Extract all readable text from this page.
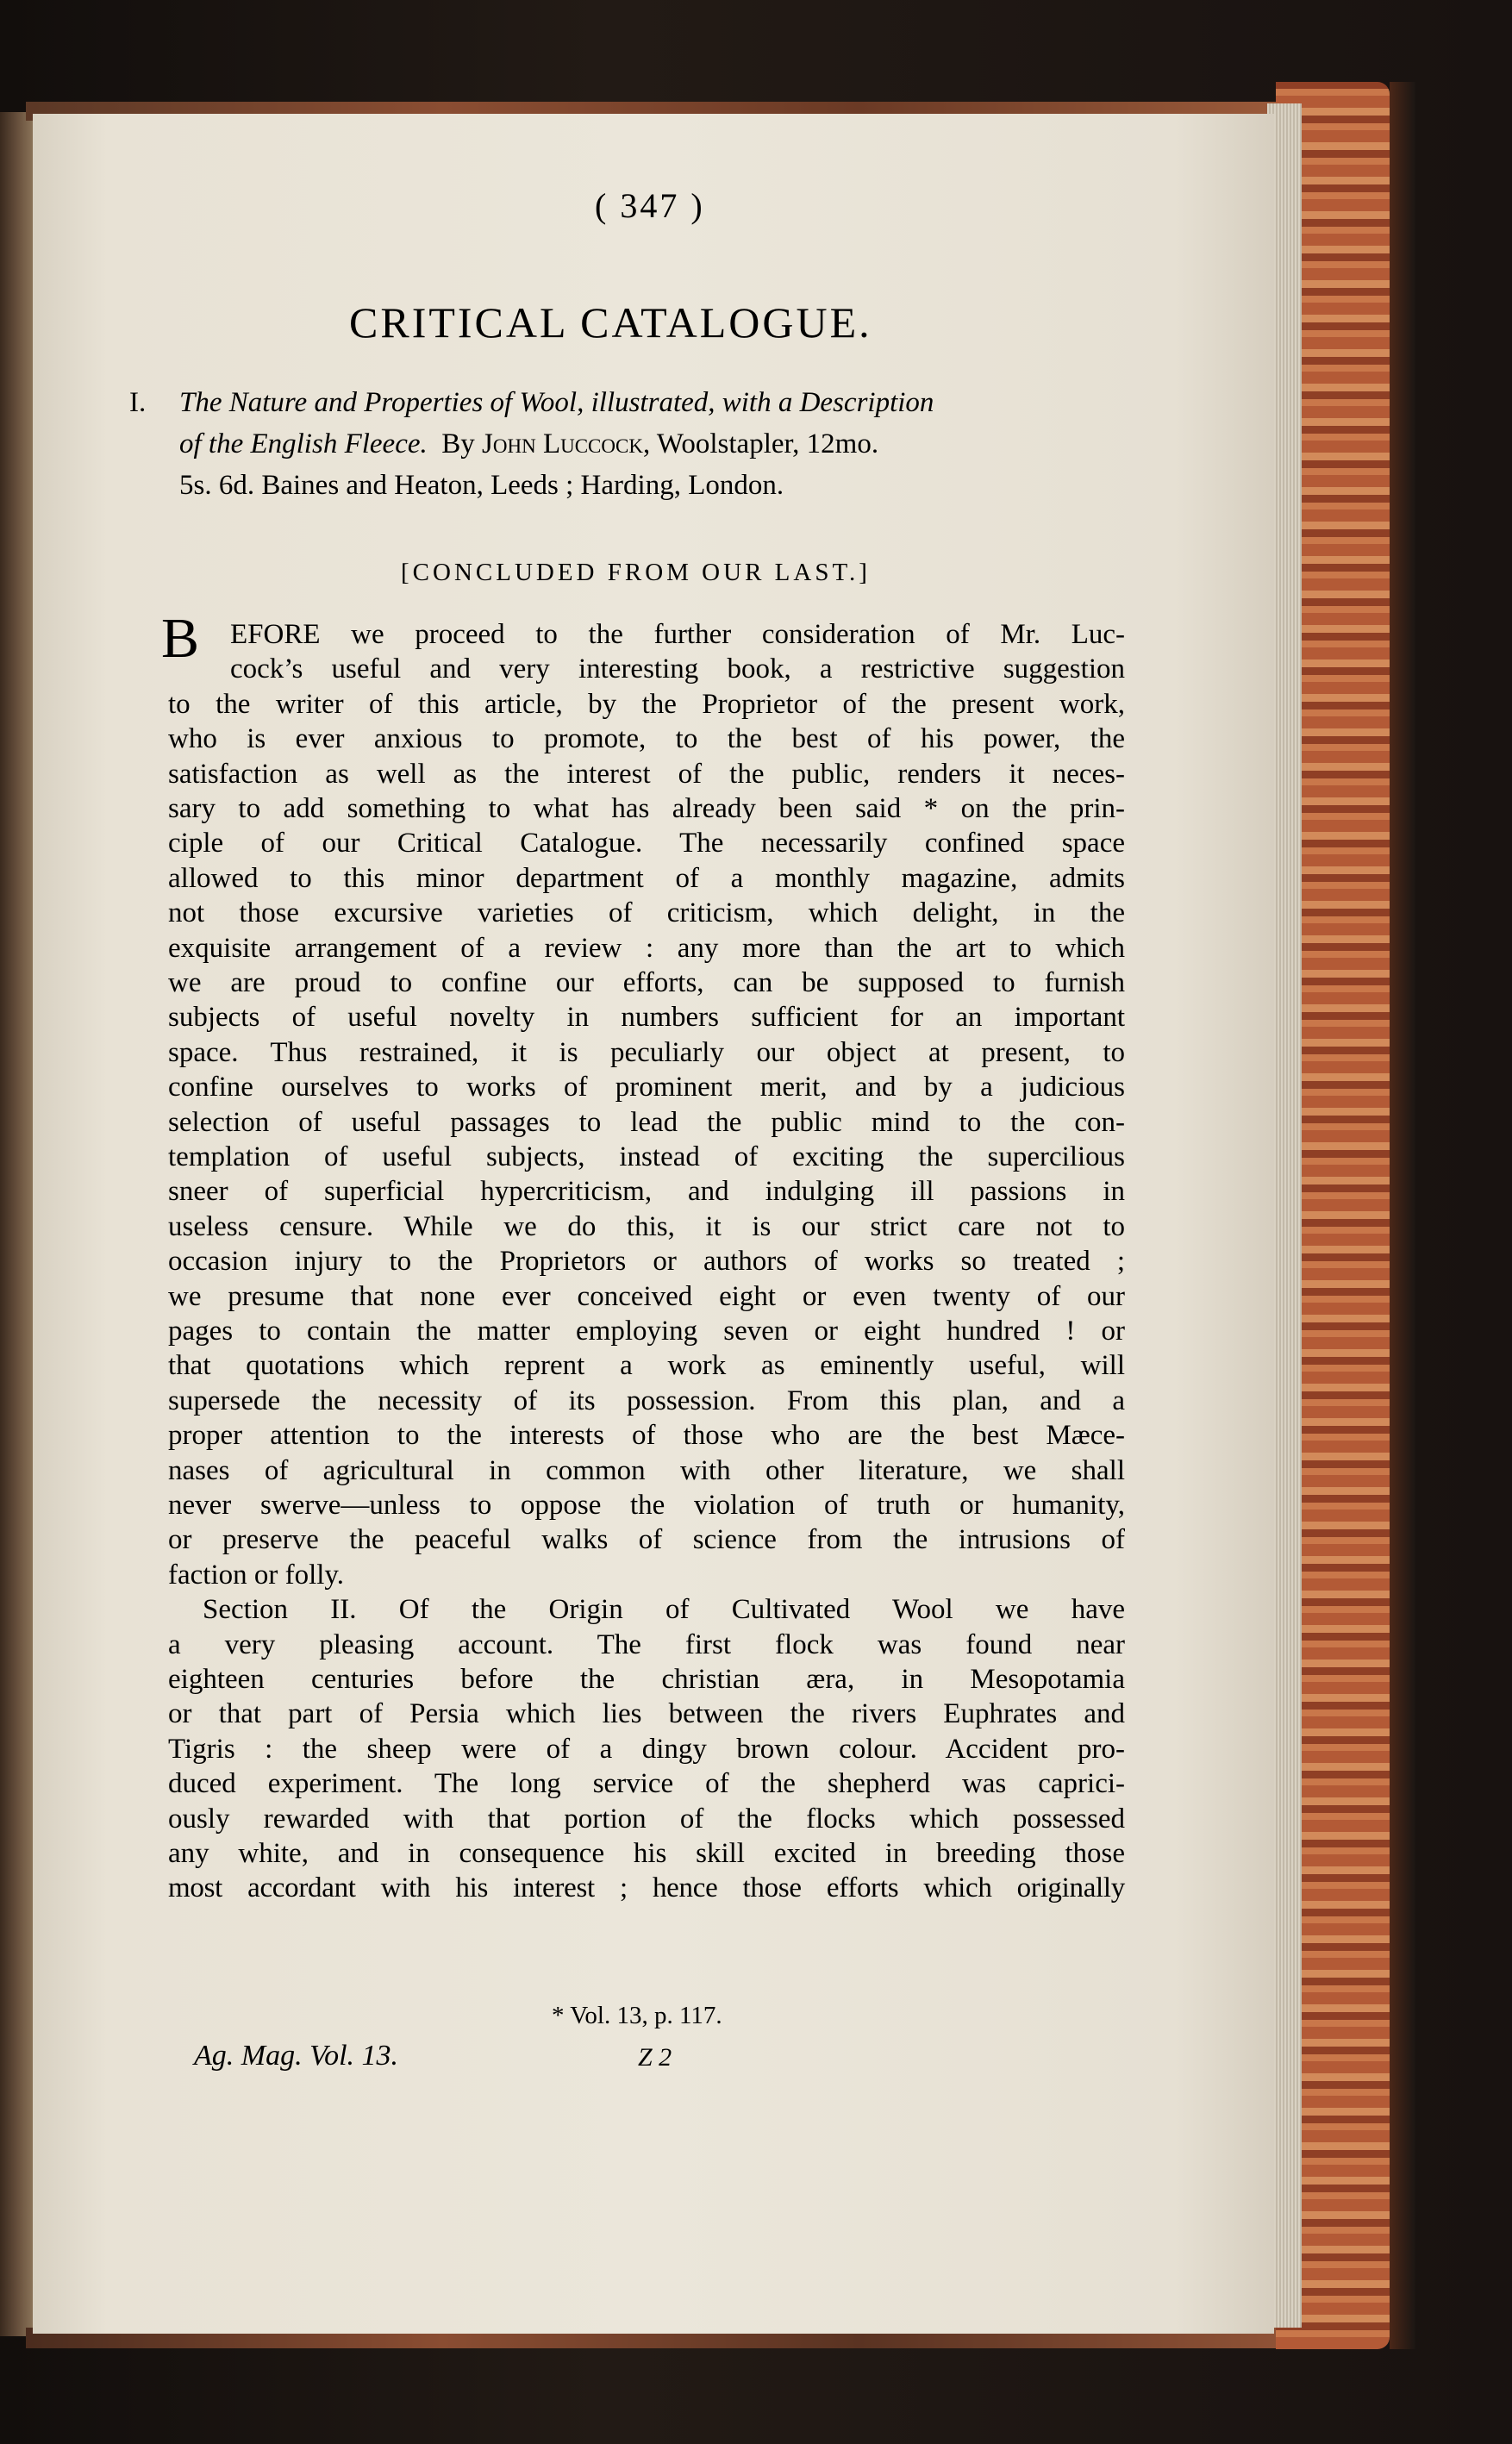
( 347 )
CRITICAL CATALOGUE.
I. The Nature and Properties of Wool, illustrated, with a Description
of the English Fleece. By John Luccock, Woolstapler, 12mo.
5s. 6d. Baines and Heaton, Leeds ; Harding, London.
[CONCLUDED FROM OUR LAST.]
B EFORE we proceed to the further consideration of Mr. Luc-
cock’s useful and very interesting book, a restrictive suggestion
to the writer of this article, by the Proprietor of the present work,
who is ever anxious to promote, to the best of his power, the
satisfaction as well as the interest of the public, renders it neces-
sary to add something to what has already been said * on the prin-
ciple of our Critical Catalogue. The necessarily confined space
allowed to this minor department of a monthly magazine, admits
not those excursive varieties of criticism, which delight, in the
exquisite arrangement of a review : any more than the art to which
we are proud to confine our efforts, can be supposed to furnish
subjects of useful novelty in numbers sufficient for an important
space. Thus restrained, it is peculiarly our object at present, to
confine ourselves to works of prominent merit, and by a judicious
selection of useful passages to lead the public mind to the con-
templation of useful subjects, instead of exciting the supercilious
sneer of superficial hypercriticism, and indulging ill passions in
useless censure. While we do this, it is our strict care not to
occasion injury to the Proprietors or authors of works so treated ;
we presume that none ever conceived eight or even twenty of our
pages to contain the matter employing seven or eight hundred ! or
that quotations which reprent a work as eminently useful, will
supersede the necessity of its possession. From this plan, and a
proper attention to the interests of those who are the best Mæce-
nases of agricultural in common with other literature, we shall
never swerve—unless to oppose the violation of truth or humanity,
or preserve the peaceful walks of science from the intrusions of
faction or folly.
Section II. Of the Origin of Cultivated Wool we have
a very pleasing account. The first flock was found near
eighteen centuries before the christian æra, in Mesopotamia
or that part of Persia which lies between the rivers Euphrates and
Tigris : the sheep were of a dingy brown colour. Accident pro-
duced experiment. The long service of the shepherd was caprici-
ously rewarded with that portion of the flocks which possessed
any white, and in consequence his skill excited in breeding those
most accordant with his interest ; hence those efforts which originally
* Vol. 13, p. 117.
Ag. Mag. Vol. 13.	Z 2
